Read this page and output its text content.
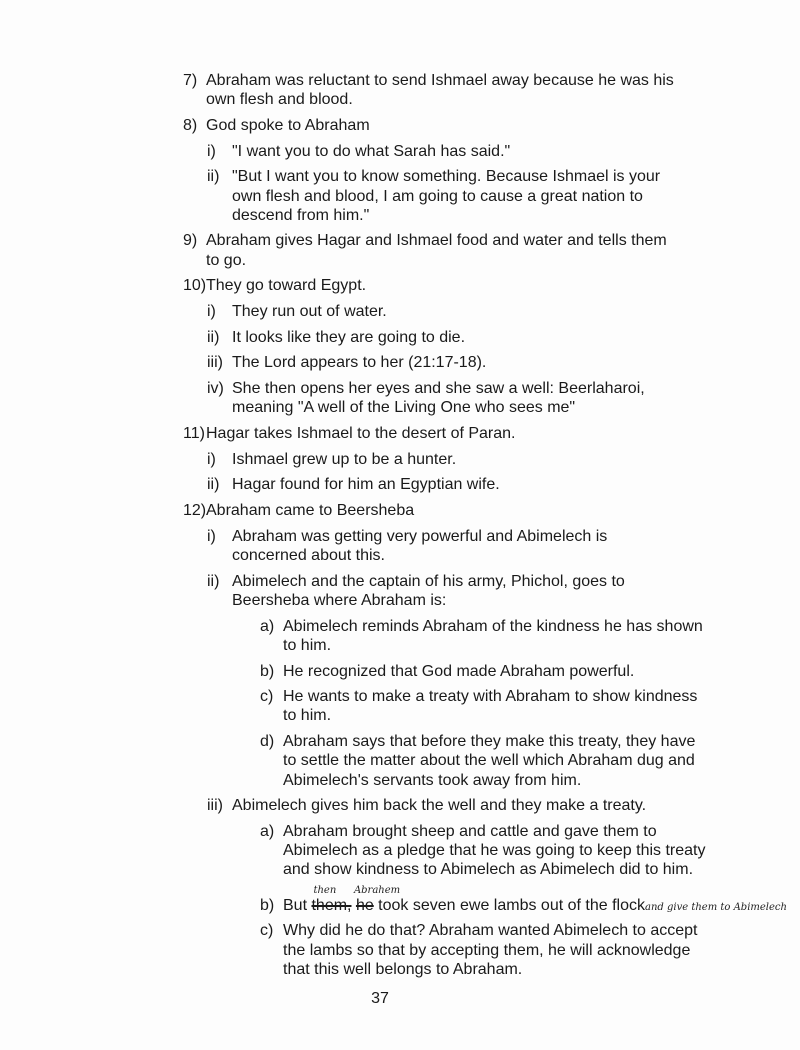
7) Abraham was reluctant to send Ishmael away because he was his
own flesh and blood.
8) God spoke to Abraham
i) "I want you to do what Sarah has said."
ii) "But I want you to know something. Because Ishmael is your
own flesh and blood, I am going to cause a great nation to
descend from him."
9) Abraham gives Hagar and Ishmael food and water and tells them
to go.
10) They go toward Egypt.
i) They run out of water.
ii) It looks like they are going to die.
iii) The Lord appears to her (21:17-18).
iv) She then opens her eyes and she saw a well: Beerlaharoi,
meaning "A well of the Living One who sees me"
11) Hagar takes Ishmael to the desert of Paran.
i) Ishmael grew up to be a hunter.
ii) Hagar found for him an Egyptian wife.
12) Abraham came to Beersheba
i) Abraham was getting very powerful and Abimelech is
concerned about this.
ii) Abimelech and the captain of his army, Phichol, goes to
Beersheba where Abraham is:
a) Abimelech reminds Abraham of the kindness he has shown
to him.
b) He recognized that God made Abraham powerful.
c) He wants to make a treaty with Abraham to show kindness
to him.
d) Abraham says that before they make this treaty, they have
to settle the matter about the well which Abraham dug and
Abimelech's servants took away from him.
iii) Abimelech gives him back the well and they make a treaty.
a) Abraham brought sheep and cattle and gave them to
Abimelech as a pledge that he was going to keep this treaty
and show kindness to Abimelech as Abimelech did to him.
b) But them,
then
he
Abrahem
took seven ewe lambs out of the flockand give them to Abimelech
c) Why did he do that? Abraham wanted Abimelech to accept
the lambs so that by accepting them, he will acknowledge
that this well belongs to Abraham.
37
